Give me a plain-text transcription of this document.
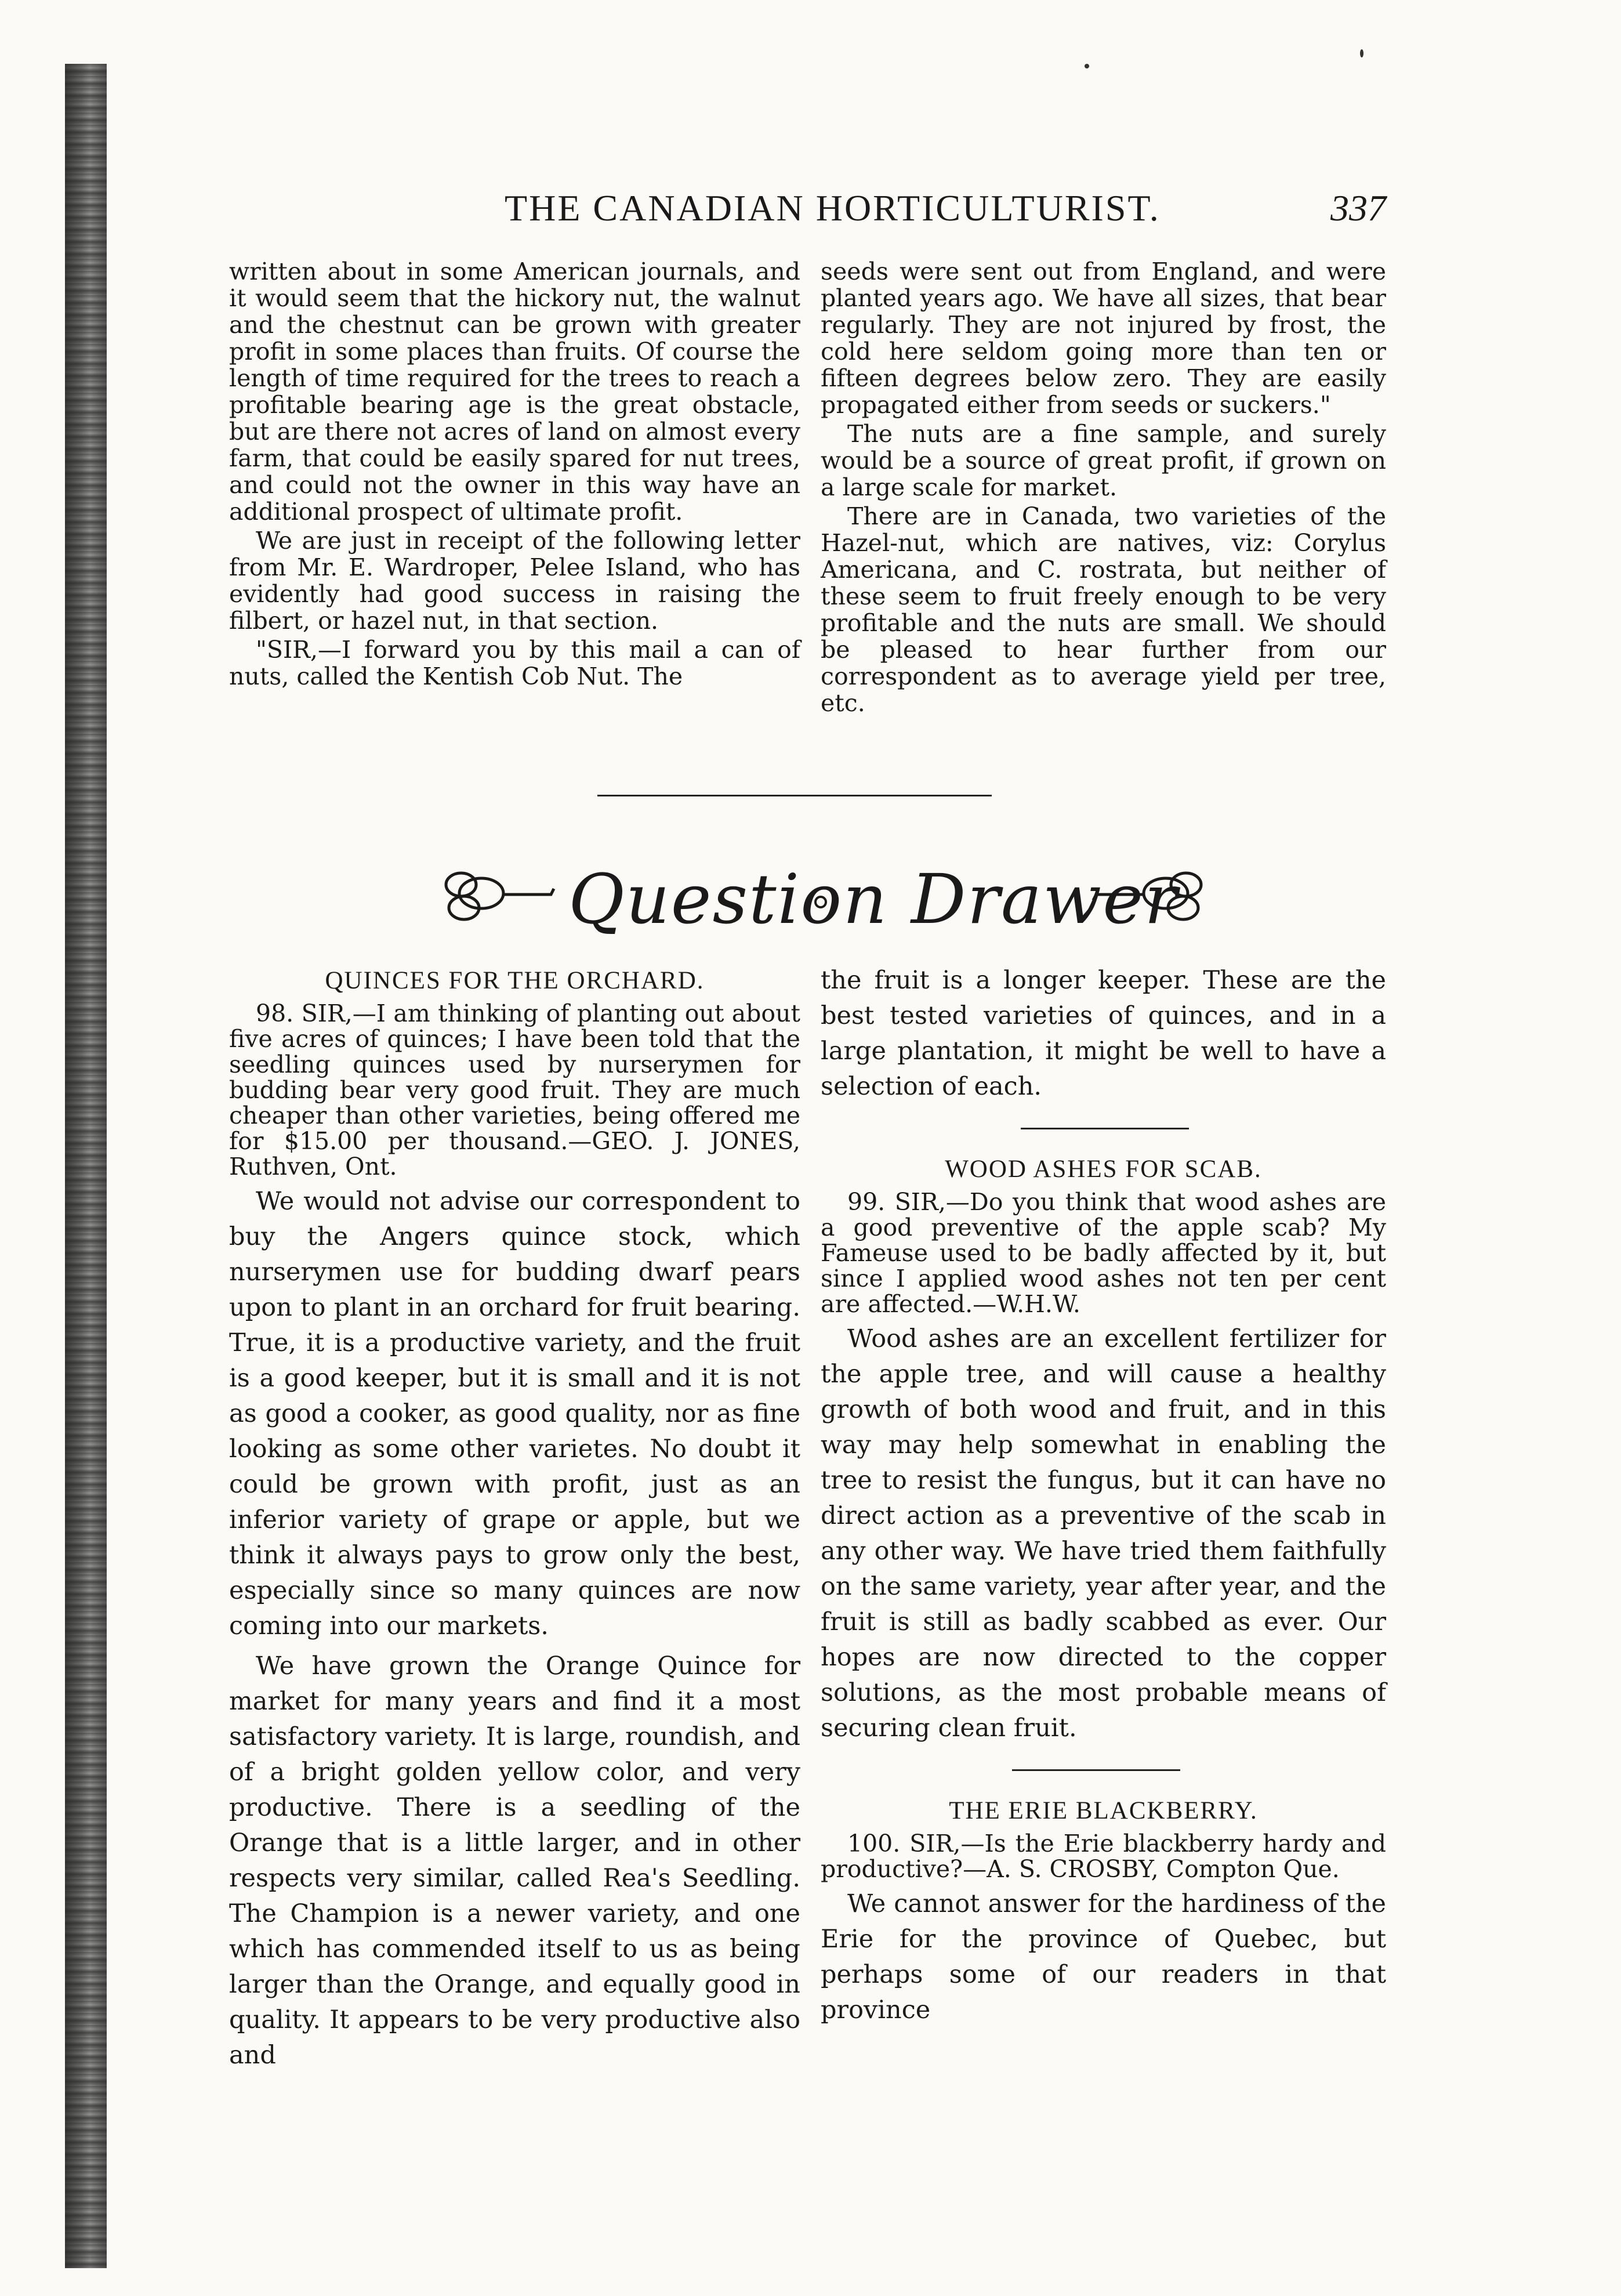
THE CANADIAN HORTICULTURIST.	337

written about in some American journals, and it would seem that the hickory nut, the walnut and the chestnut can be grown with greater profit in some places than fruits. Of course the length of time required for the trees to reach a profitable bearing age is the great obstacle, but are there not acres of land on almost every farm, that could be easily spared for nut trees, and could not the owner in this way have an additional prospect of ultimate profit.

We are just in receipt of the following letter from Mr. E. Wardroper, Pelee Island, who has evidently had good success in raising the filbert, or hazel nut, in that section.

"SIR,—I forward you by this mail a can of nuts, called the Kentish Cob Nut. The

seeds were sent out from England, and were planted years ago. We have all sizes, that bear regularly. They are not injured by frost, the cold here seldom going more than ten or fifteen degrees below zero. They are easily propagated either from seeds or suckers."

The nuts are a fine sample, and surely would be a source of great profit, if grown on a large scale for market.

There are in Canada, two varieties of the Hazel-nut, which are natives, viz: Corylus Americana, and C. rostrata, but neither of these seem to fruit freely enough to be very profitable and the nuts are small. We should be pleased to hear further from our correspondent as to average yield per tree, etc.

Question Drawer

QUINCES FOR THE ORCHARD.

98. SIR,—I am thinking of planting out about five acres of quinces; I have been told that the seedling quinces used by nurserymen for budding bear very good fruit. They are much cheaper than other varieties, being offered me for $15.00 per thousand.—GEO. J. JONES, Ruthven, Ont.

We would not advise our correspondent to buy the Angers quince stock, which nurserymen use for budding dwarf pears upon to plant in an orchard for fruit bearing. True, it is a productive variety, and the fruit is a good keeper, but it is small and it is not as good a cooker, as good quality, nor as fine looking as some other varietes. No doubt it could be grown with profit, just as an inferior variety of grape or apple, but we think it always pays to grow only the best, especially since so many quinces are now coming into our markets.

We have grown the Orange Quince for market for many years and find it a most satisfactory variety. It is large, roundish, and of a bright golden yellow color, and very productive. There is a seedling of the Orange that is a little larger, and in other respects very similar, called Rea's Seedling. The Champion is a newer variety, and one which has commended itself to us as being larger than the Orange, and equally good in quality. It appears to be very productive also and

the fruit is a longer keeper. These are the best tested varieties of quinces, and in a large plantation, it might be well to have a selection of each.

WOOD ASHES FOR SCAB.

99. SIR,—Do you think that wood ashes are a good preventive of the apple scab? My Fameuse used to be badly affected by it, but since I applied wood ashes not ten per cent are affected.—W.H.W.

Wood ashes are an excellent fertilizer for the apple tree, and will cause a healthy growth of both wood and fruit, and in this way may help somewhat in enabling the tree to resist the fungus, but it can have no direct action as a preventive of the scab in any other way. We have tried them faithfully on the same variety, year after year, and the fruit is still as badly scabbed as ever. Our hopes are now directed to the copper solutions, as the most probable means of securing clean fruit.

THE ERIE BLACKBERRY.

100. SIR,—Is the Erie blackberry hardy and productive?—A. S. CROSBY, Compton Que.

We cannot answer for the hardiness of the Erie for the province of Quebec, but perhaps some of our readers in that province
